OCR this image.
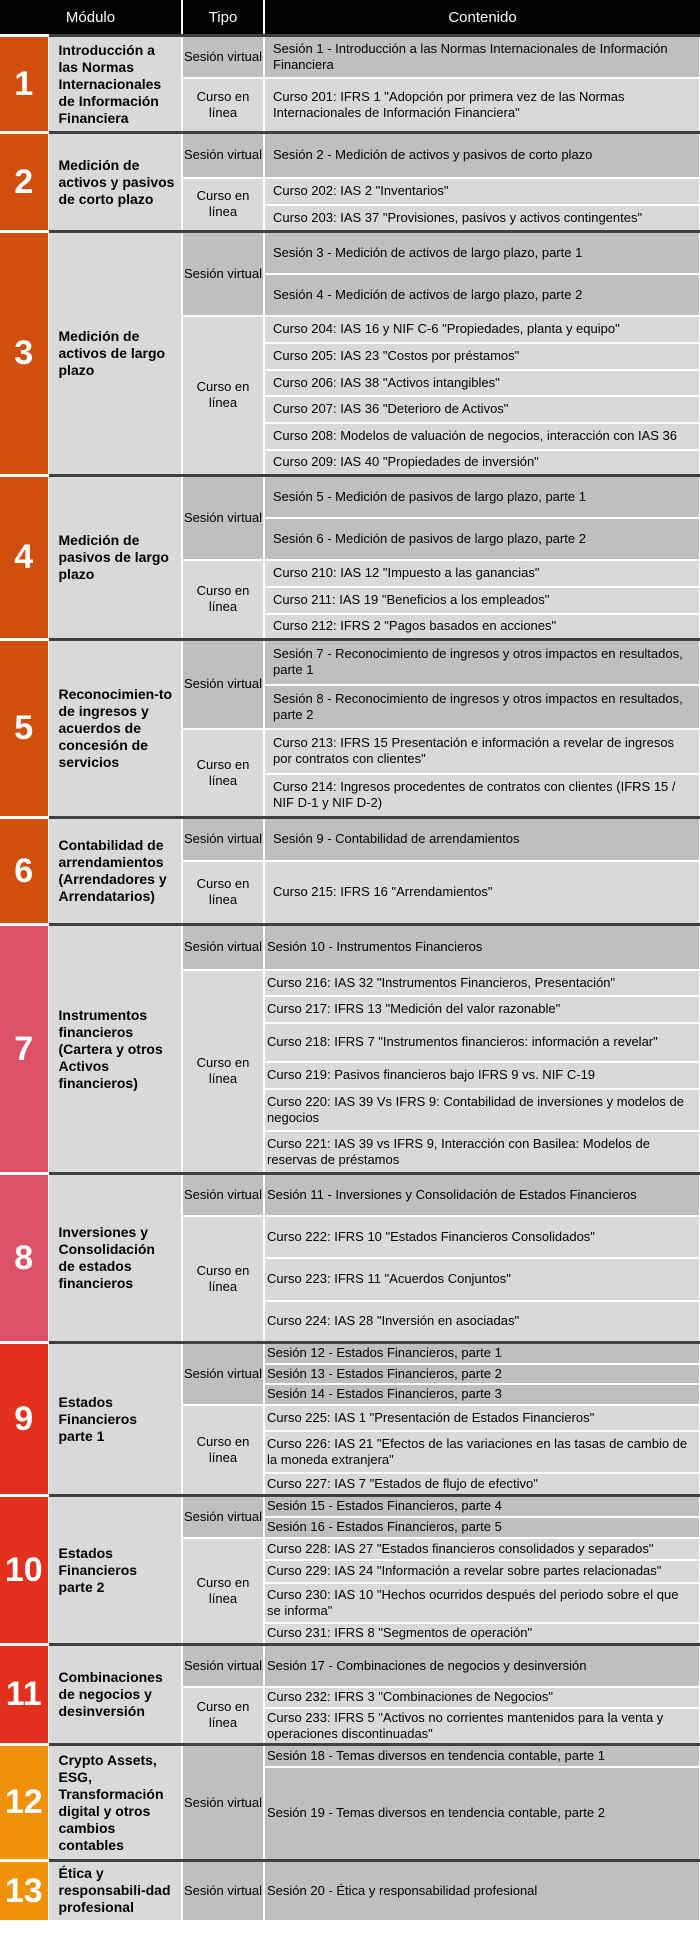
Módulo		Tipo	Contenido
1	Introducción a las Normas Internacionales de Información Financiera	Sesión virtual	Sesión 1 - Introducción a las Normas Internacionales de Información Financiera
		Curso en línea	Curso 201: IFRS 1 "Adopción por primera vez de las Normas Internacionales de Información Financiera"
2	Medición de activos y pasivos de corto plazo	Sesión virtual	Sesión 2 - Medición de activos y pasivos de corto plazo
		Curso en línea	Curso 202: IAS 2 "Inventarios"
			Curso 203: IAS 37 "Provisiones, pasivos y activos contingentes"
3	Medición de activos de largo plazo	Sesión virtual	Sesión 3 - Medición de activos de largo plazo, parte 1
			Sesión 4 - Medición de activos de largo plazo, parte 2
		Curso en línea	Curso 204: IAS 16 y NIF C-6 "Propiedades, planta y equipo"
			Curso 205: IAS 23 "Costos por préstamos"
			Curso 206: IAS 38 "Activos intangibles"
			Curso 207: IAS 36 "Deterioro de Activos"
			Curso 208: Modelos de valuación de negocios, interacción con IAS 36
			Curso 209: IAS 40 "Propiedades de inversión"
4	Medición de pasivos de largo plazo	Sesión virtual	Sesión 5 - Medición de pasivos de largo plazo, parte 1
			Sesión 6 - Medición de pasivos de largo plazo, parte 2
		Curso en línea	Curso 210: IAS 12 "Impuesto a las ganancias"
			Curso 211: IAS 19 "Beneficios a los empleados"
			Curso 212: IFRS 2 "Pagos basados en acciones"
5	Reconocimien-to de ingresos y acuerdos de concesión de servicios	Sesión virtual	Sesión 7 - Reconocimiento de ingresos y otros impactos en resultados, parte 1
			Sesión 8 - Reconocimiento de ingresos y otros impactos en resultados, parte 2
		Curso en línea	Curso 213: IFRS 15 Presentación e información a revelar de ingresos por contratos con clientes"
			Curso 214: Ingresos procedentes de contratos con clientes (IFRS 15 / NIF D-1 y NIF D-2)
6	Contabilidad de arrendamientos (Arrendadores y Arrendatarios)	Sesión virtual	Sesión 9 - Contabilidad de arrendamientos
		Curso en línea	Curso 215: IFRS 16 "Arrendamientos"
7	Instrumentos financieros (Cartera y otros Activos financieros)	Sesión virtual	Sesión 10 - Instrumentos Financieros
		Curso en línea	Curso 216: IAS 32 "Instrumentos Financieros, Presentación"
			Curso 217: IFRS 13 "Medición del valor razonable"
			Curso 218: IFRS 7 "Instrumentos financieros: información a revelar"
			Curso 219: Pasivos financieros bajo IFRS 9 vs. NIF C-19
			Curso 220: IAS 39 Vs IFRS 9: Contabilidad de inversiones y modelos de negocios
			Curso 221: IAS 39 vs IFRS 9, Interacción con Basilea: Modelos de reservas de préstamos
8	Inversiones y Consolidación de estados financieros	Sesión virtual	Sesión 11 - Inversiones y Consolidación de Estados Financieros
		Curso en línea	Curso 222: IFRS 10 "Estados Financieros Consolidados"
			Curso 223: IFRS 11 "Acuerdos Conjuntos"
			Curso 224: IAS 28 "Inversión en asociadas"
9	Estados Financieros parte 1	Sesión virtual	Sesión 12 - Estados Financieros, parte 1
			Sesión 13 - Estados Financieros, parte 2
			Sesión 14 - Estados Financieros, parte 3
		Curso en línea	Curso 225: IAS 1 "Presentación de Estados Financieros"
			Curso 226: IAS 21 "Efectos de las variaciones en las tasas de cambio de la moneda extranjera"
			Curso 227: IAS 7 "Estados de flujo de efectivo"
10	Estados Financieros parte 2	Sesión virtual	Sesión 15 - Estados Financieros, parte 4
			Sesión 16 - Estados Financieros, parte 5
		Curso en línea	Curso 228: IAS 27 "Estados financieros consolidados y separados"
			Curso 229: IAS 24 "Información a revelar sobre partes relacionadas"
			Curso 230: IAS 10 "Hechos ocurridos después del periodo sobre el que se informa"
			Curso 231: IFRS 8 "Segmentos de operación"
11	Combinaciones de negocios y desinversión	Sesión virtual	Sesión 17 - Combinaciones de negocios y desinversión
		Curso en línea	Curso 232: IFRS 3 "Combinaciones de Negocios"
			Curso 233: IFRS 5 "Activos no corrientes mantenidos para la venta y operaciones discontinuadas"
12	Crypto Assets, ESG, Transformación digital y otros cambios contables	Sesión virtual	Sesión 18 - Temas diversos en tendencia contable, parte 1
			Sesión 19 - Temas diversos en tendencia contable, parte 2
13	Ética y responsabili-dad profesional	Sesión virtual	Sesión 20 - Ética y responsabilidad profesional
